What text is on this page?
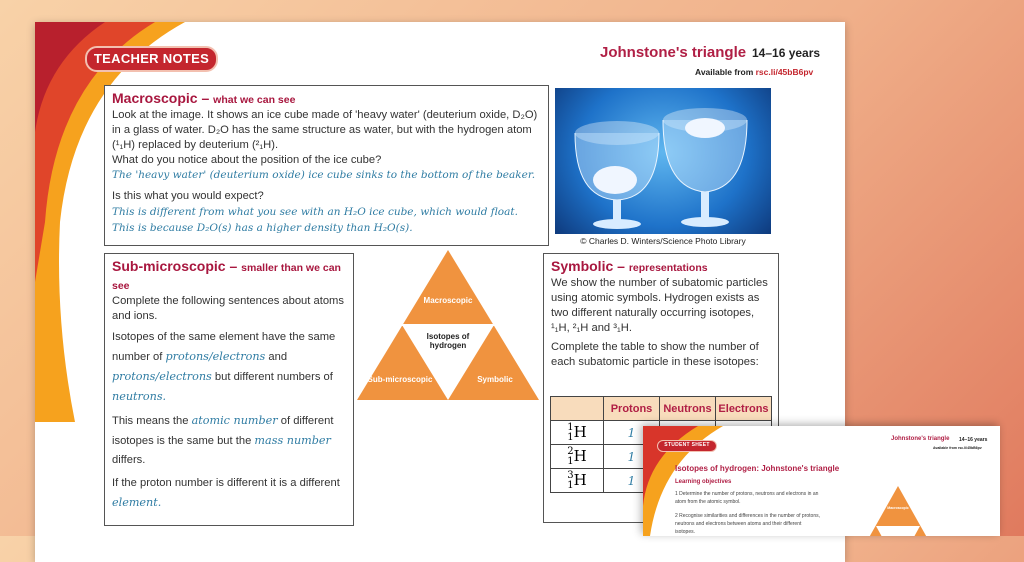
TEACHER NOTES	Johnstone's triangle 14–16 years
Available from rsc.li/45bB6pv
Macroscopic – what we can see
Look at the image. It shows an ice cube made of 'heavy water' (deuterium oxide, D₂O) in a glass of water. D₂O has the same structure as water, but with the hydrogen atom (¹₁H) replaced by deuterium (²₁H).
What do you notice about the position of the ice cube?
The 'heavy water' (deuterium oxide) ice cube sinks to the bottom of the beaker.
Is this what you would expect?
This is different from what you see with an H₂O ice cube, which would float.
This is because D₂O(s) has a higher density than H₂O(s).
© Charles D. Winters/Science Photo Library
Sub-microscopic – smaller than we can see

Complete the following sentences about atoms and ions.

Isotopes of the same element have the same number of protons/electrons and protons/electrons but different numbers of neutrons.

This means the atomic number of different isotopes is the same but the mass number differs.

If the proton number is different it is a different element.

Macroscopic
Isotopes of hydrogen
Sub-microscopic	Symbolic
Symbolic – representations

We show the number of subatomic particles using atomic symbols. Hydrogen exists as two different naturally occurring isotopes, ¹₁H, ²₁H and ³₁H.

Complete the table to show the number of each subatomic particle in these isotopes:

	Protons	Neutrons	Electrons

1
1 H	1		

2
1 H	1		

3
1 H	1		
STUDENT SHEET
Johnstone's triangle 14–16 years
Available from rsc.li/45bB6pv
Isotopes of hydrogen: Johnstone's triangle
Learning objectives
1 Determine the number of protons, neutrons and electrons in an atom from the atomic symbol.
2 Recognise similarities and differences in the number of protons, neutrons and electrons between atoms and their different isotopes.
Macroscopic
